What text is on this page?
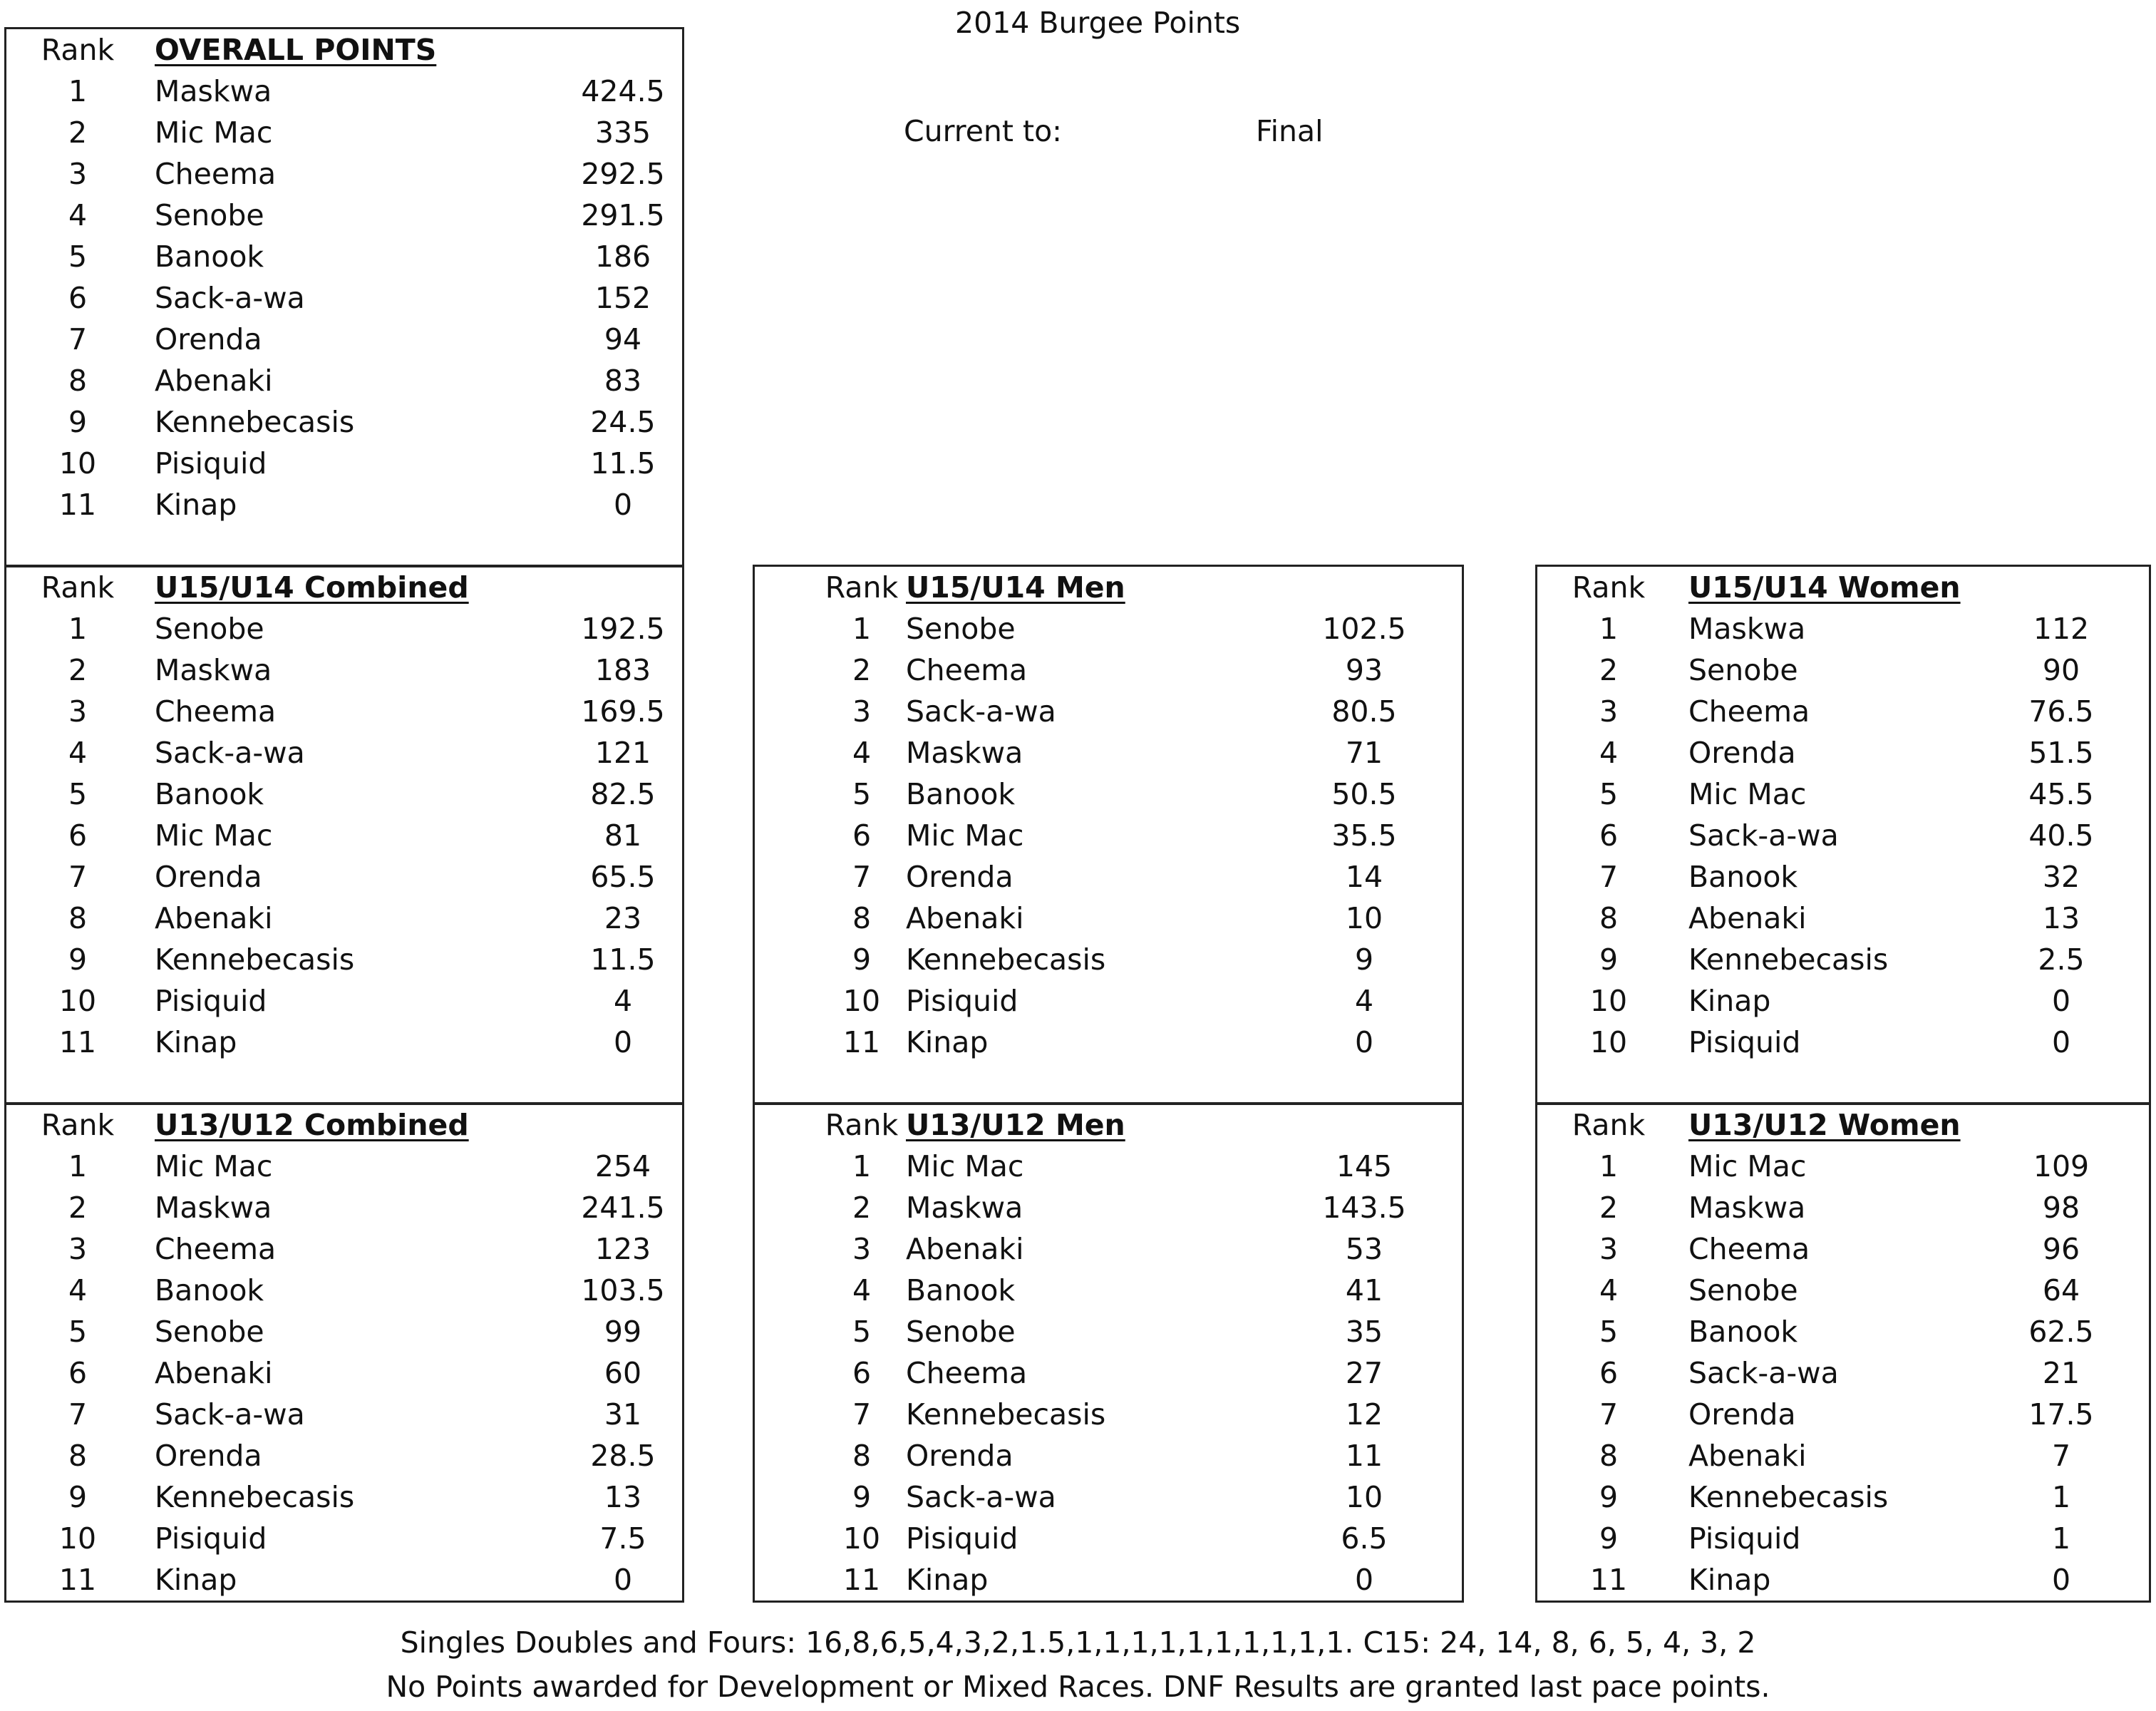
2014 Burgee Points
Current to:	Final
Rank	OVERALL POINTS
1	Maskwa	424.5
2	Mic Mac	335
3	Cheema	292.5
4	Senobe	291.5
5	Banook	186
6	Sack-a-wa	152
7	Orenda	94
8	Abenaki	83
9	Kennebecasis	24.5
10	Pisiquid	11.5
11	Kinap	0
Rank	U15/U14 Combined
1	Senobe	192.5
2	Maskwa	183
3	Cheema	169.5
4	Sack-a-wa	121
5	Banook	82.5
6	Mic Mac	81
7	Orenda	65.5
8	Abenaki	23
9	Kennebecasis	11.5
10	Pisiquid	4
11	Kinap	0
Rank U15/U14 Men
1	Senobe	102.5
2	Cheema	93
3	Sack-a-wa	80.5
4	Maskwa	71
5	Banook	50.5
6	Mic Mac	35.5
7	Orenda	14
8	Abenaki	10
9	Kennebecasis	9
10 Pisiquid	4
11 Kinap	0
Rank	U15/U14 Women
1	Maskwa	112
2	Senobe	90
3	Cheema	76.5
4	Orenda	51.5
5	Mic Mac	45.5
6	Sack-a-wa	40.5
7	Banook	32
8	Abenaki	13
9	Kennebecasis	2.5
10	Kinap	0
10	Pisiquid	0
Rank	U13/U12 Combined
1	Mic Mac	254
2	Maskwa	241.5
3	Cheema	123
4	Banook	103.5
5	Senobe	99
6	Abenaki	60
7	Sack-a-wa	31
8	Orenda	28.5
9	Kennebecasis	13
10	Pisiquid	7.5
11	Kinap	0
Rank U13/U12 Men
1	Mic Mac	145
2	Maskwa	143.5
3	Abenaki	53
4	Banook	41
5	Senobe	35
6	Cheema	27
7	Kennebecasis	12
8	Orenda	11
9	Sack-a-wa	10
10 Pisiquid	6.5
11 Kinap	0
Rank	U13/U12 Women
1	Mic Mac	109
2	Maskwa	98
3	Cheema	96
4	Senobe	64
5	Banook	62.5
6	Sack-a-wa	21
7	Orenda	17.5
8	Abenaki	7
9	Kennebecasis	1
9	Pisiquid	1
11	Kinap	0
Singles Doubles and Fours: 16,8,6,5,4,3,2,1.5,1,1,1,1,1,1,1,1,1,1. C15: 24, 14, 8, 6, 5, 4, 3, 2
No Points awarded for Development or Mixed Races. DNF Results are granted last pace points.
